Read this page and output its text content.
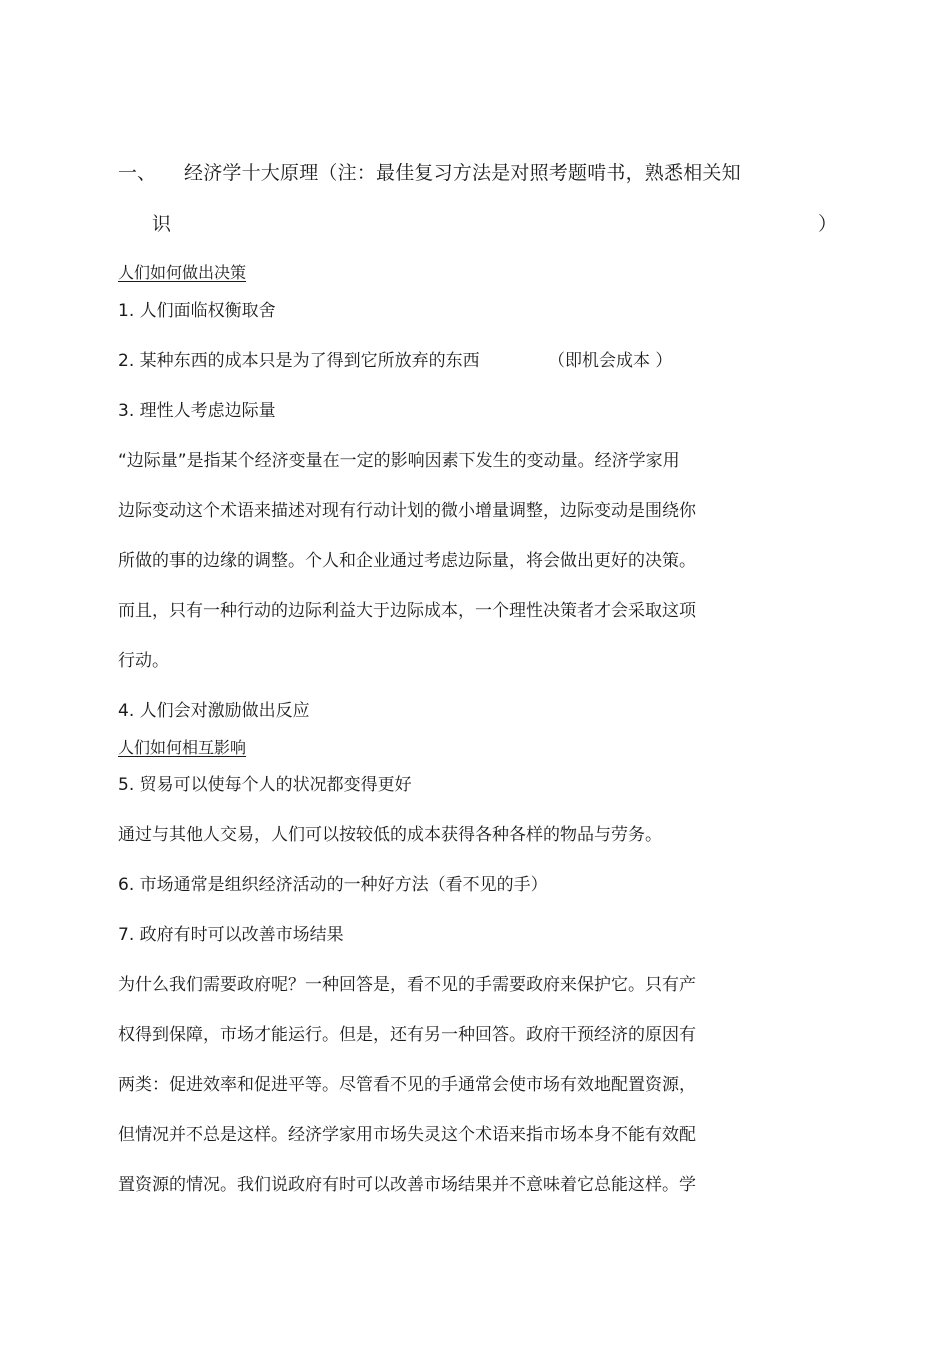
一、 经济学十大原理（注：最佳复习方法是对照考题啃书，熟悉相关知
识	）
人们如何做出决策
1. 人们面临权衡取舍
2. 某种东西的成本只是为了得到它所放弃的东西	（即机会成本 ）
3. 理性人考虑边际量
“边际量”是指某个经济变量在一定的影响因素下发生的变动量。经济学家用
边际变动这个术语来描述对现有行动计划的微小增量调整，边际变动是围绕你
所做的事的边缘的调整。个人和企业通过考虑边际量，将会做出更好的决策。
而且，只有一种行动的边际利益大于边际成本，一个理性决策者才会采取这项
行动。
4. 人们会对激励做出反应
人们如何相互影响
5. 贸易可以使每个人的状况都变得更好
通过与其他人交易，人们可以按较低的成本获得各种各样的物品与劳务。
6. 市场通常是组织经济活动的一种好方法（看不见的手）
7. 政府有时可以改善市场结果
为什么我们需要政府呢？一种回答是，看不见的手需要政府来保护它。只有产
权得到保障，市场才能运行。但是，还有另一种回答。政府干预经济的原因有
两类：促进效率和促进平等。尽管看不见的手通常会使市场有效地配置资源，
但情况并不总是这样。经济学家用市场失灵这个术语来指市场本身不能有效配
置资源的情况。我们说政府有时可以改善市场结果并不意味着它总能这样。学
